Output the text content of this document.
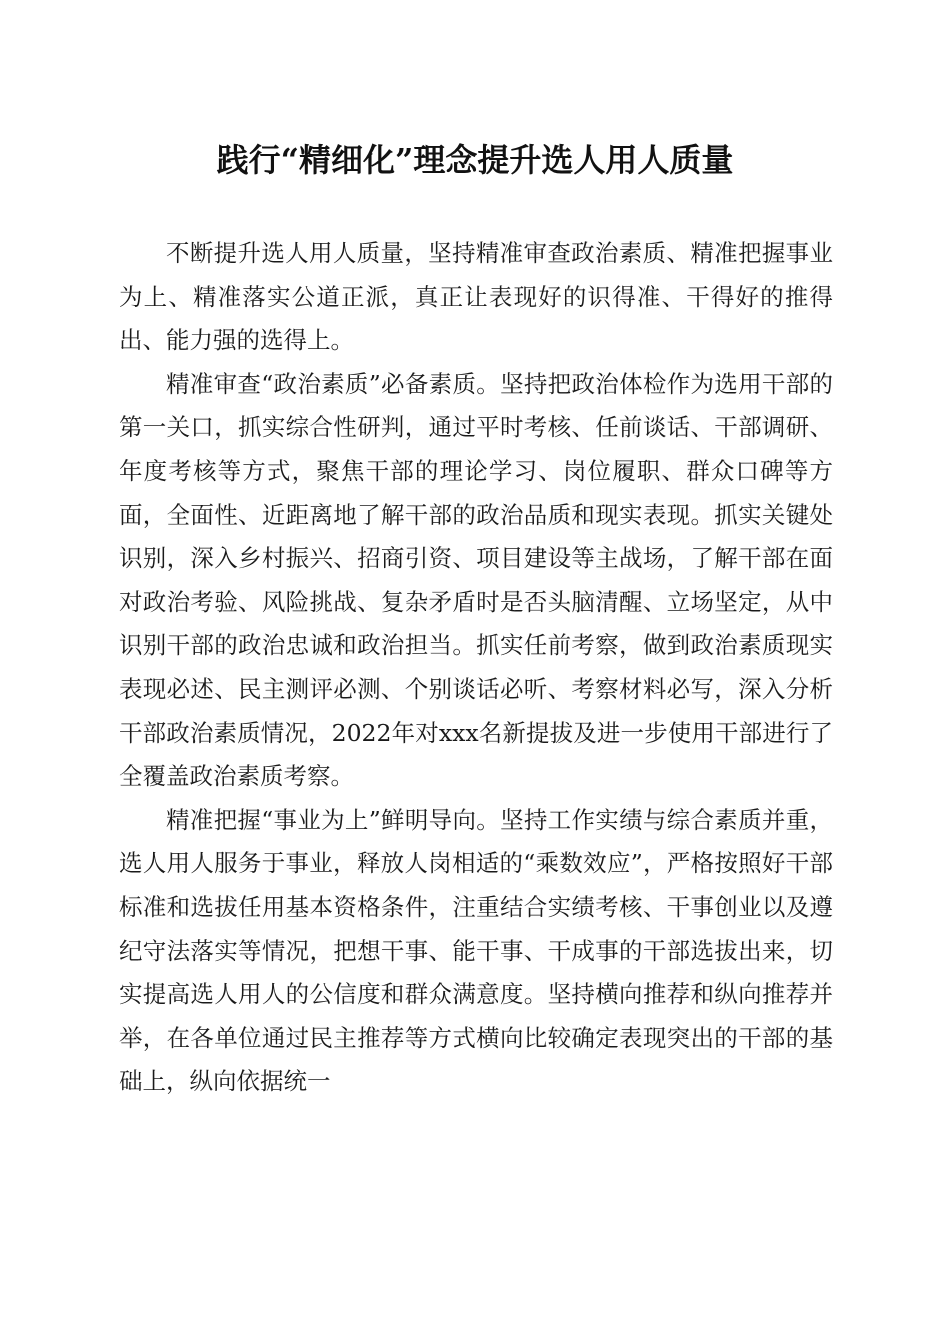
践行“精细化”理念提升选人用人质量

不断提升选人用人质量，坚持精准审查政治素质、精准把握事业为上、精准落实公道正派，真正让表现好的识得准、干得好的推得出、能力强的选得上。

精准审查“政治素质”必备素质。坚持把政治体检作为选用干部的第一关口，抓实综合性研判，通过平时考核、任前谈话、干部调研、年度考核等方式，聚焦干部的理论学习、岗位履职、群众口碑等方面，全面性、近距离地了解干部的政治品质和现实表现。抓实关键处识别，深入乡村振兴、招商引资、项目建设等主战场，了解干部在面对政治考验、风险挑战、复杂矛盾时是否头脑清醒、立场坚定，从中识别干部的政治忠诚和政治担当。抓实任前考察，做到政治素质现实表现必述、民主测评必测、个别谈话必听、考察材料必写，深入分析干部政治素质情况，2022年对xxx名新提拔及进一步使用干部进行了全覆盖政治素质考察。

精准把握“事业为上”鲜明导向。坚持工作实绩与综合素质并重，选人用人服务于事业，释放人岗相适的“乘数效应”，严格按照好干部标准和选拔任用基本资格条件，注重结合实绩考核、干事创业以及遵纪守法落实等情况，把想干事、能干事、干成事的干部选拔出来，切实提高选人用人的公信度和群众满意度。坚持横向推荐和纵向推荐并举，在各单位通过民主推荐等方式横向比较确定表现突出的干部的基础上，纵向依据统一
